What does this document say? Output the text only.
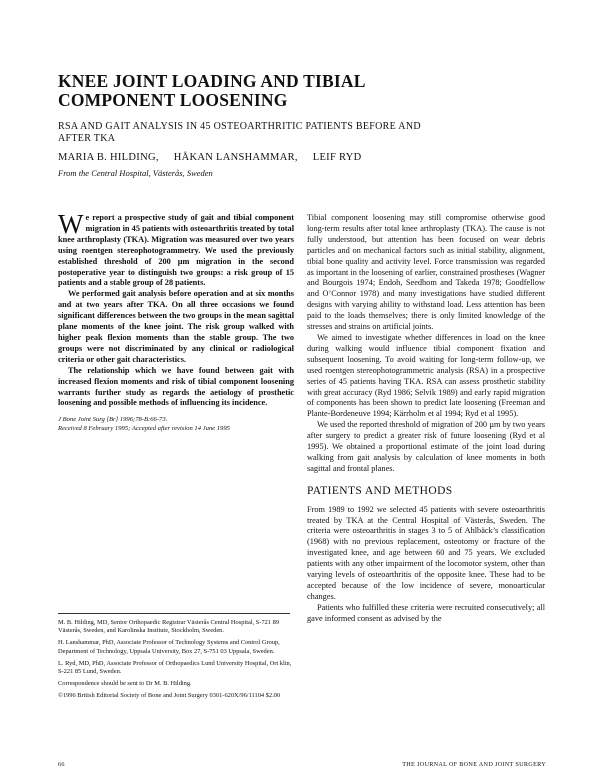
KNEE JOINT LOADING AND TIBIAL COMPONENT LOOSENING
RSA AND GAIT ANALYSIS IN 45 OSTEOARTHRITIC PATIENTS BEFORE AND AFTER TKA
MARIA B. HILDING, HÅKAN LANSHAMMAR, LEIF RYD
From the Central Hospital, Västerås, Sweden

We report a prospective study of gait and tibial component migration in 45 patients with osteoarthritis treated by total knee arthroplasty (TKA). Migration was measured over two years using roentgen stereophotogrammetry. We used the previously established threshold of 200 µm migration in the second postoperative year to distinguish two groups: a risk group of 15 patients and a stable group of 28 patients.

We performed gait analysis before operation and at six months and at two years after TKA. On all three occasions we found significant differences between the two groups in the mean sagittal plane moments of the knee joint. The risk group walked with higher peak flexion moments than the stable group. The two groups were not discriminated by any clinical or radiological criteria or other gait characteristics.

The relationship which we have found between gait with increased flexion moments and risk of tibial component loosening warrants further study as regards the aetiology of prosthetic loosening and possible methods of influencing its incidence.

J Bone Joint Surg [Br] 1996;78-B:66-73.
Received 8 February 1995; Accepted after revision 14 June 1995

M. B. Hilding, MD, Senior Orthopaedic Registrar Västerås Central Hospital, S-721 89 Västerås, Sweden, and Karolinska Institute, Stockholm, Sweden.

H. Lanshammar, PhD, Associate Professor of Technology Systems and Control Group, Department of Technology, Uppsala University, Box 27, S-751 03 Uppsala, Sweden.

L. Ryd, MD, PhD, Associate Professor of Orthopaedics Lund University Hospital, Ort klin, S-221 85 Lund, Sweden.

Correspondence should be sent to Dr M. B. Hilding.

©1996 British Editorial Society of Bone and Joint Surgery 0301-620X/96/11104 $2.00

Tibial component loosening may still compromise otherwise good long-term results after total knee arthroplasty (TKA). The cause is not fully understood, but attention has been focused on wear debris particles and on mechanical factors such as initial stability, alignment, tibial bone quality and activity level. Force transmission was regarded as important in the loosening of earlier, constrained prostheses (Wagner and Bourgois 1974; Endoh, Seedhom and Takeda 1978; Goodfellow and O’Connor 1978) and many investigations have studied different designs with varying ability to withstand load. Less attention has been paid to the loads themselves; there is only limited knowledge of the stresses and strains on artificial joints.

We aimed to investigate whether differences in load on the knee during walking would influence tibial component fixation and subsequent loosening. To avoid waiting for long-term follow-up, we used roentgen stereophotogrammetric analysis (RSA) in a prospective series of 45 patients having TKA. RSA can assess prosthetic stability with great accuracy (Ryd 1986; Selvik 1989) and early rapid migration of components has been shown to predict late loosening (Freeman and Plante-Bordeneuve 1994; Kärrholm et al 1994; Ryd et al 1995).

We used the reported threshold of migration of 200 µm by two years after surgery to predict a greater risk of future loosening (Ryd et al 1995). We obtained a proportional estimate of the joint load during walking from gait analysis by calculation of knee moments in both sagittal and frontal planes.

PATIENTS AND METHODS

From 1989 to 1992 we selected 45 patients with severe osteoarthritis treated by TKA at the Central Hospital of Västerås, Sweden. The criteria were osteoarthritis in stages 3 to 5 of Ahlbäck’s classification (1968) with no previous replacement, osteotomy or fracture of the investigated knee, and age between 60 and 75 years. We excluded patients with any other impairment of the locomotor system, other than varying levels of osteoarthritis of the opposite knee. These had to be accepted because of the low incidence of severe, monoarticular changes.

Patients who fulfilled these criteria were recruited consecutively; all gave informed consent as advised by the

66	THE JOURNAL OF BONE AND JOINT SURGERY
